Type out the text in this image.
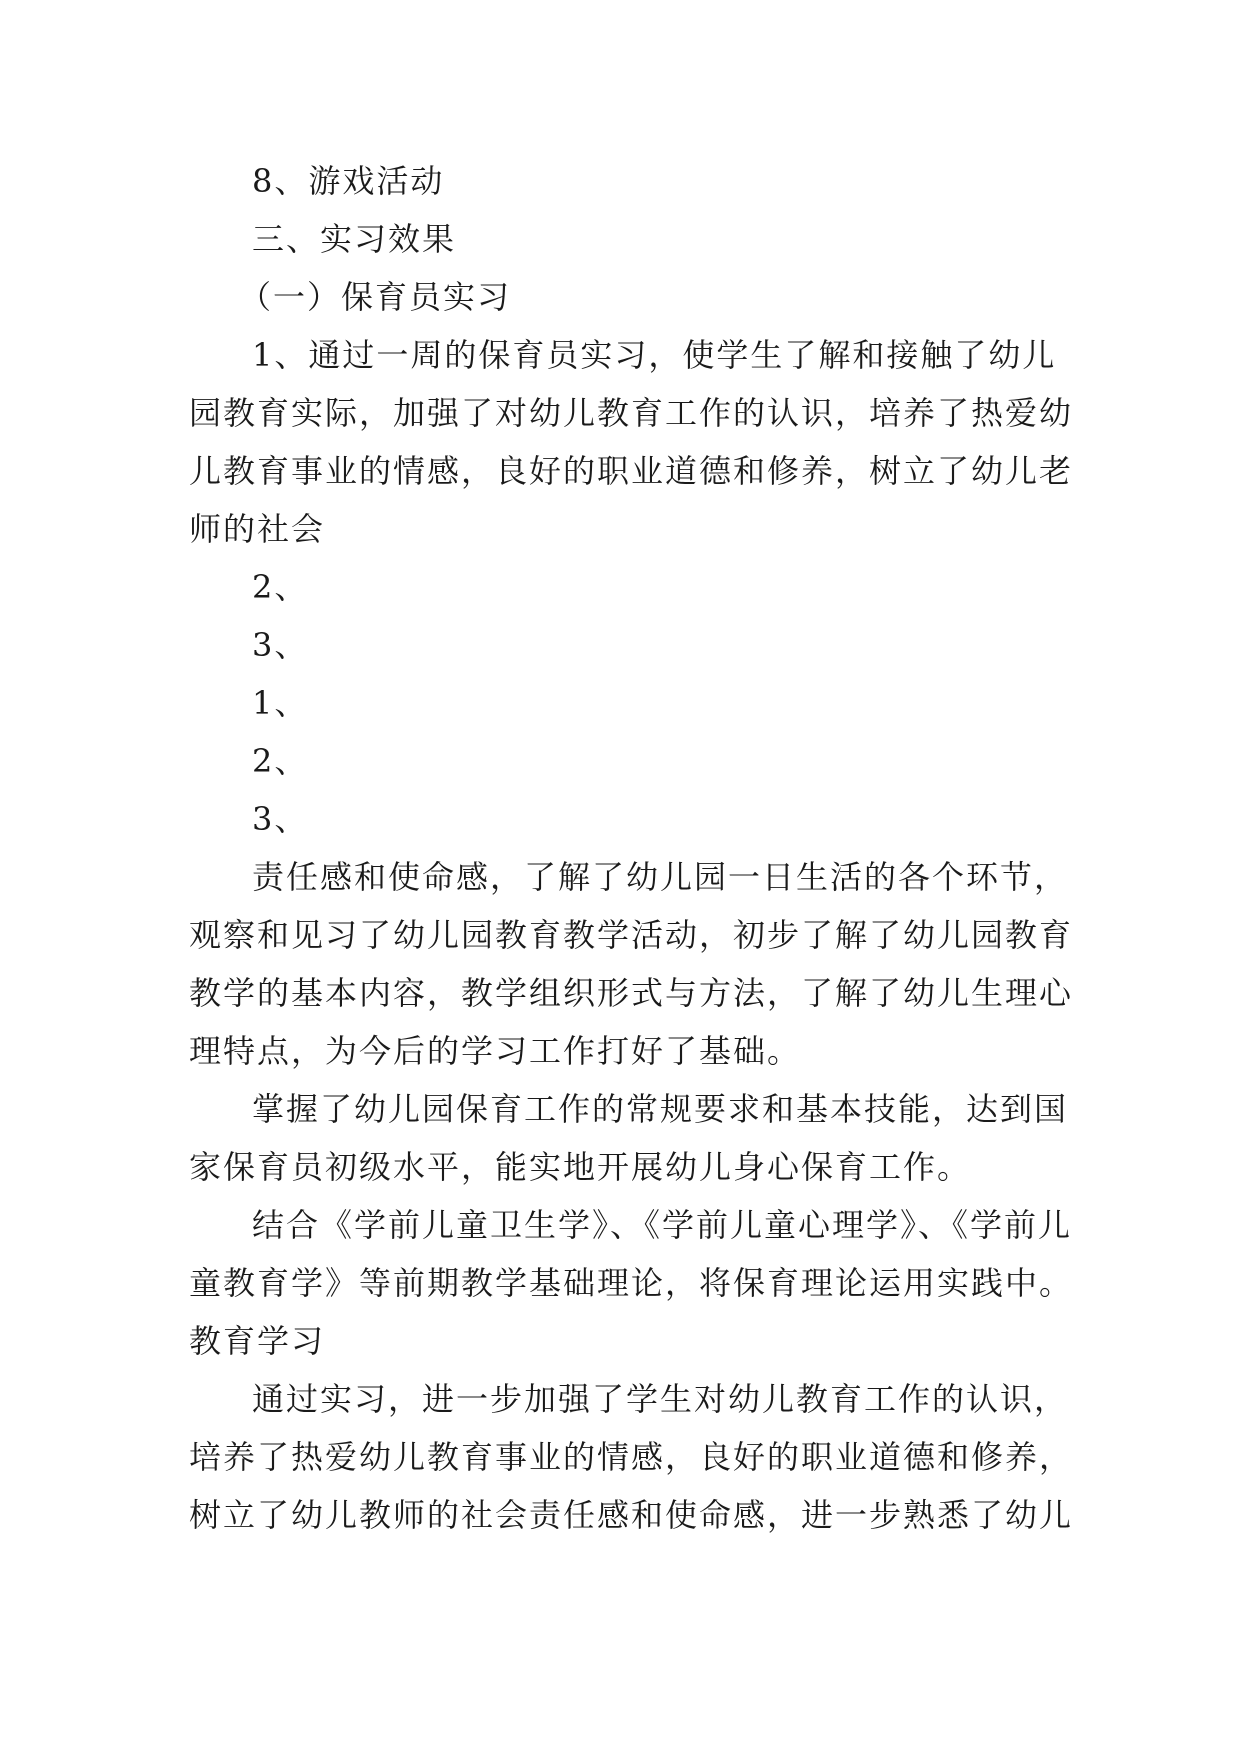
8、游戏活动
三、实习效果
（一）保育员实习
1、通过一周的保育员实习，使学生了解和接触了幼儿
园教育实际，加强了对幼儿教育工作的认识，培养了热爱幼
儿教育事业的情感，良好的职业道德和修养，树立了幼儿老
师的社会
2、
3、
1、
2、
3、
责任感和使命感，了解了幼儿园一日生活的各个环节，
观察和见习了幼儿园教育教学活动，初步了解了幼儿园教育
教学的基本内容，教学组织形式与方法，了解了幼儿生理心
理特点，为今后的学习工作打好了基础。
掌握了幼儿园保育工作的常规要求和基本技能，达到国
家保育员初级水平，能实地开展幼儿身心保育工作。
结合《学前儿童卫生学》、《学前儿童心理学》、《学前儿
童教育学》等前期教学基础理论，将保育理论运用实践中。
教育学习
通过实习，进一步加强了学生对幼儿教育工作的认识，
培养了热爱幼儿教育事业的情感，良好的职业道德和修养，
树立了幼儿教师的社会责任感和使命感，进一步熟悉了幼儿
